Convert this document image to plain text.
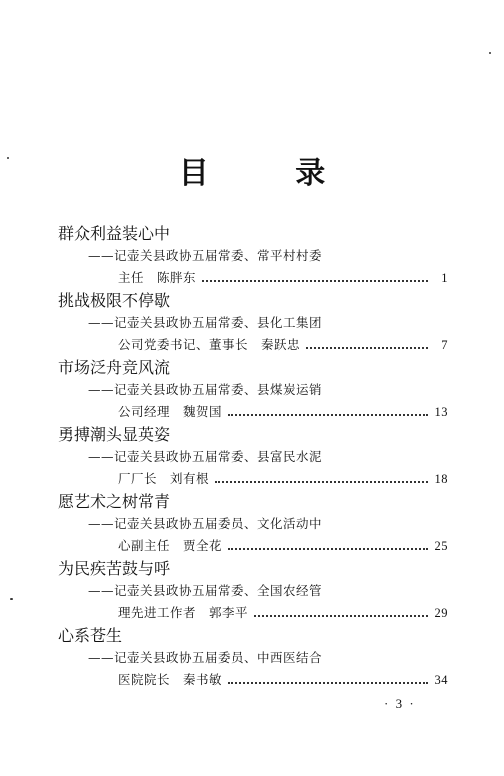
目 录
群众利益装心中
——记壶关县政协五届常委、常平村村委
主任　陈胖东	1
挑战极限不停歇
——记壶关县政协五届常委、县化工集团
公司党委书记、董事长　秦跃忠	7
市场泛舟竞风流
——记壶关县政协五届常委、县煤炭运销
公司经理　魏贺国	13
勇搏潮头显英姿
——记壶关县政协五届常委、县富民水泥
厂厂长　刘有根	18
愿艺术之树常青
——记壶关县政协五届委员、文化活动中
心副主任　贾全花	25
为民疾苦鼓与呼
——记壶关县政协五届常委、全国农经管
理先进工作者　郭李平	29
心系苍生
——记壶关县政协五届委员、中西医结合
医院院长　秦书敏	34
· 3 ·
